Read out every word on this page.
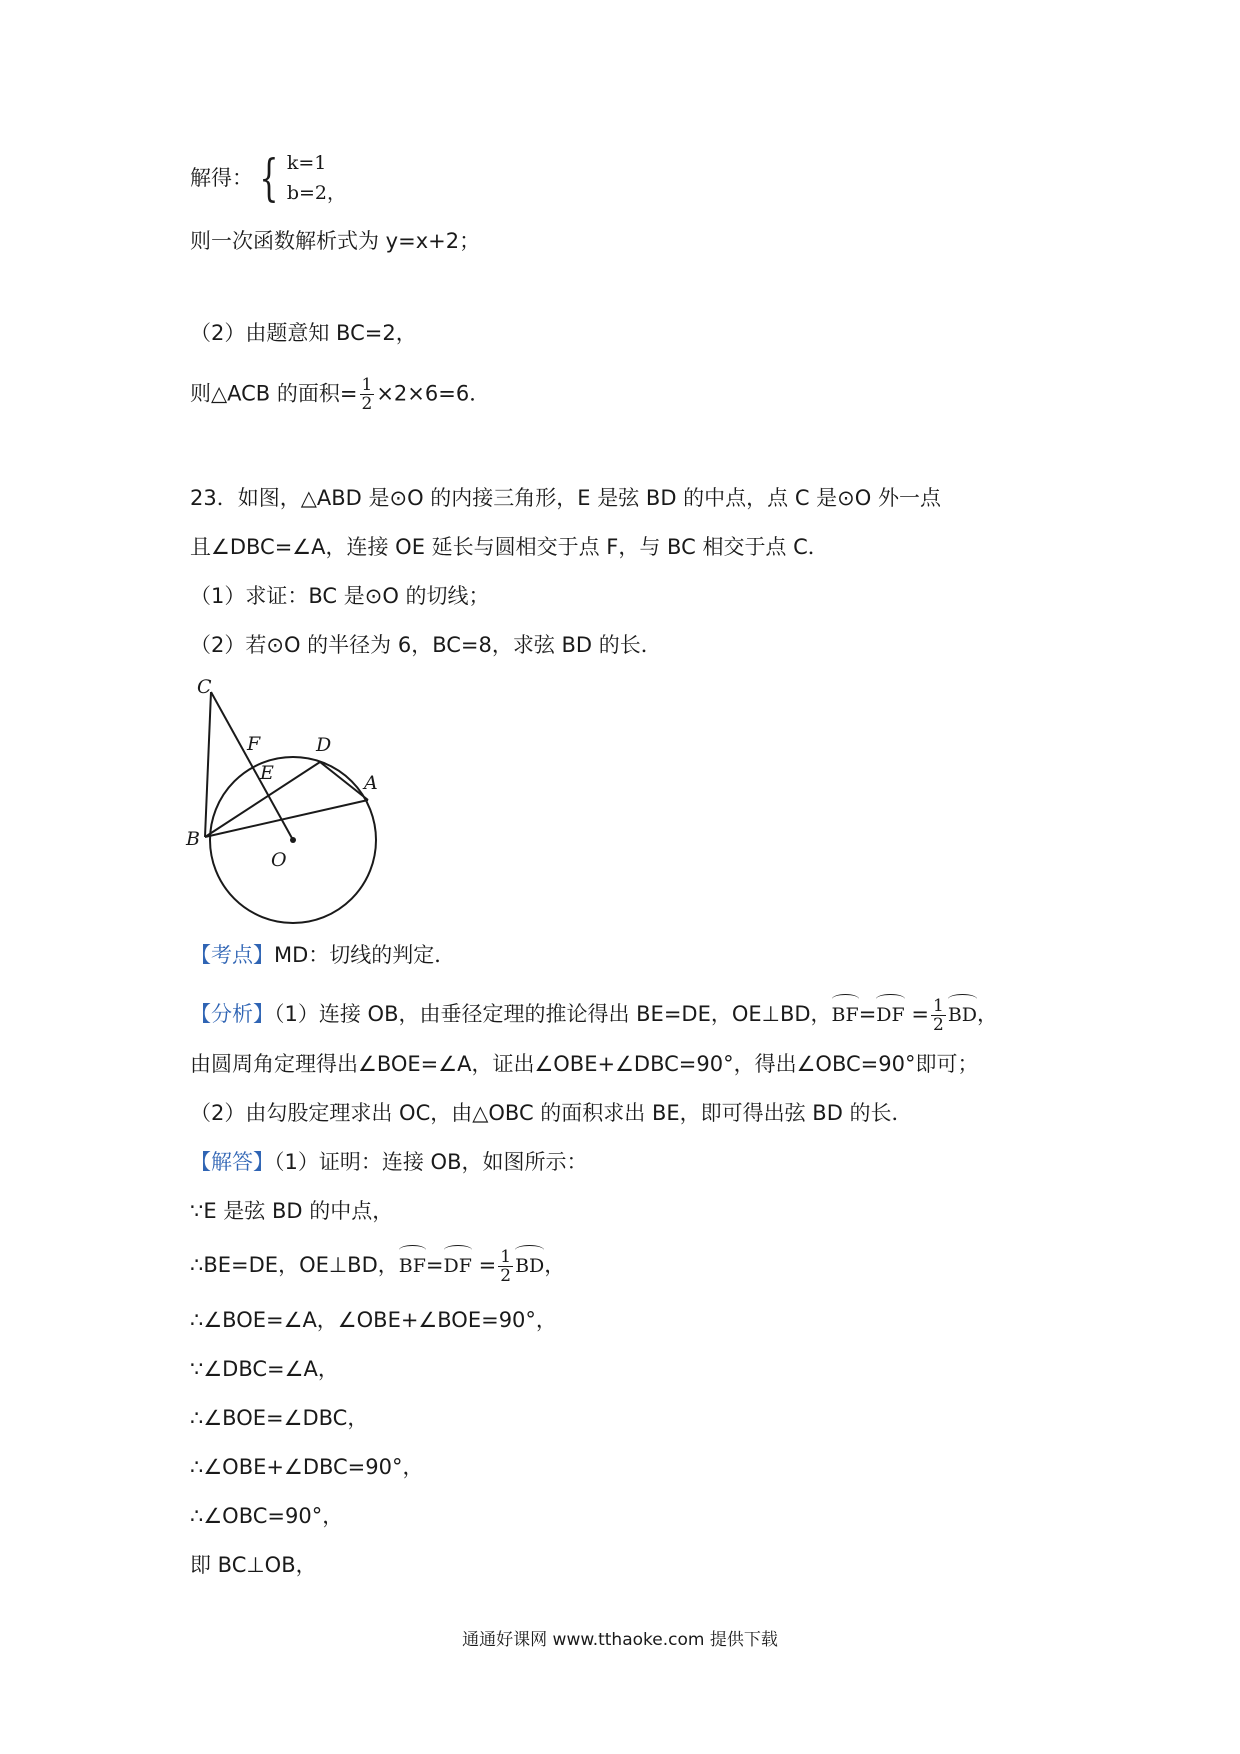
解得： { k=1
b=2，
则一次函数解析式为 y=x+2；
（2）由题意知 BC=2，
则△ACB 的面积= $\frac{1}{2} \times 2\times 6=6$．
23．如图，△ABD 是⊙O 的内接三角形，E 是弦 BD 的中点，点 C 是⊙O 外一点
且∠DBC=∠A，连接 OE 延长与圆相交于点 F，与 BC 相交于点 C．
（1）求证：BC 是⊙O 的切线；
（2）若⊙O 的半径为 6，BC=8，求弦 BD 的长．
C
F	D
E	A
B
O
【考点】MD：切线的判定．
【分析】（1）连接 OB，由垂径定理的推论得出 BE=DE，OE⊥BD，$BF=DF = \frac{1}{2}$ BD，
由圆周角定理得出∠BOE=∠A，证出∠OBE+∠DBC=90°，得出∠OBC=90°即可；
（2）由勾股定理求出 OC，由△OBC 的面积求出 BE，即可得出弦 BD 的长．
【解答】（1）证明：连接 OB，如图所示：
∵E 是弦 BD 的中点，
∴BE=DE，OE⊥BD，$BF=DF = \frac{1}{2}$ BD，
∴∠BOE=∠A，∠OBE+∠BOE=90°，
∵∠DBC=∠A，
∴∠BOE=∠DBC，
∴∠OBE+∠DBC=90°，
∴∠OBC=90°，
即 BC⊥OB，
通通好课网 www.tthaoke.com 提供下载
